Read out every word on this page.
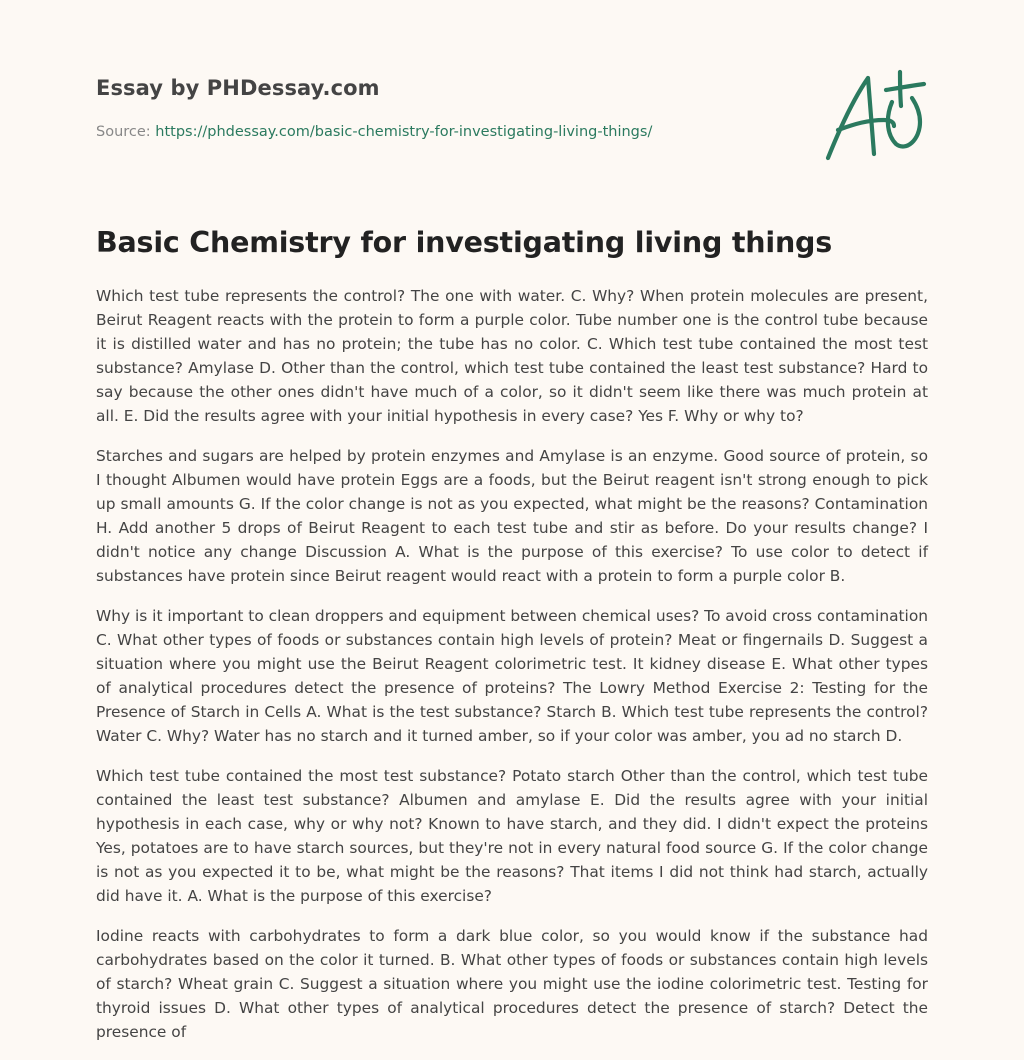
Essay by PHDessay.com
Source: https://phdessay.com/basic-chemistry-for-investigating-living-things/
Basic Chemistry for investigating living things

Which test tube represents the control? The one with water. C. Why? When protein molecules are present, Beirut Reagent reacts with the protein to form a purple color. Tube number one is the control tube because it is distilled water and has no protein; the tube has no color. C. Which test tube contained the most test substance? Amylase D. Other than the control, which test tube contained the least test substance? Hard to say because the other ones didn't have much of a color, so it didn't seem like there was much protein at all. E. Did the results agree with your initial hypothesis in every case? Yes F. Why or why to?

Starches and sugars are helped by protein enzymes and Amylase is an enzyme. Good source of protein, so I thought Albumen would have protein Eggs are a foods, but the Beirut reagent isn't strong enough to pick up small amounts G. If the color change is not as you expected, what might be the reasons? Contamination H. Add another 5 drops of Beirut Reagent to each test tube and stir as before. Do your results change? I didn't notice any change Discussion A. What is the purpose of this exercise? To use color to detect if substances have protein since Beirut reagent would react with a protein to form a purple color B.

Why is it important to clean droppers and equipment between chemical uses? To avoid cross contamination C. What other types of foods or substances contain high levels of protein? Meat or fingernails D. Suggest a situation where you might use the Beirut Reagent colorimetric test. It kidney disease E. What other types of analytical procedures detect the presence of proteins? The Lowry Method Exercise 2: Testing for the Presence of Starch in Cells A. What is the test substance? Starch B. Which test tube represents the control? Water C. Why? Water has no starch and it turned amber, so if your color was amber, you ad no starch D.

Which test tube contained the most test substance? Potato starch Other than the control, which test tube contained the least test substance? Albumen and amylase E. Did the results agree with your initial hypothesis in each case, why or why not? Known to have starch, and they did. I didn't expect the proteins Yes, potatoes are to have starch sources, but they're not in every natural food source G. If the color change is not as you expected it to be, what might be the reasons? That items I did not think had starch, actually did have it. A. What is the purpose of this exercise?

Iodine reacts with carbohydrates to form a dark blue color, so you would know if the substance had carbohydrates based on the color it turned. B. What other types of foods or substances contain high levels of starch? Wheat grain C. Suggest a situation where you might use the iodine colorimetric test. Testing for thyroid issues D. What other types of analytical procedures detect the presence of starch? Detect the presence of
